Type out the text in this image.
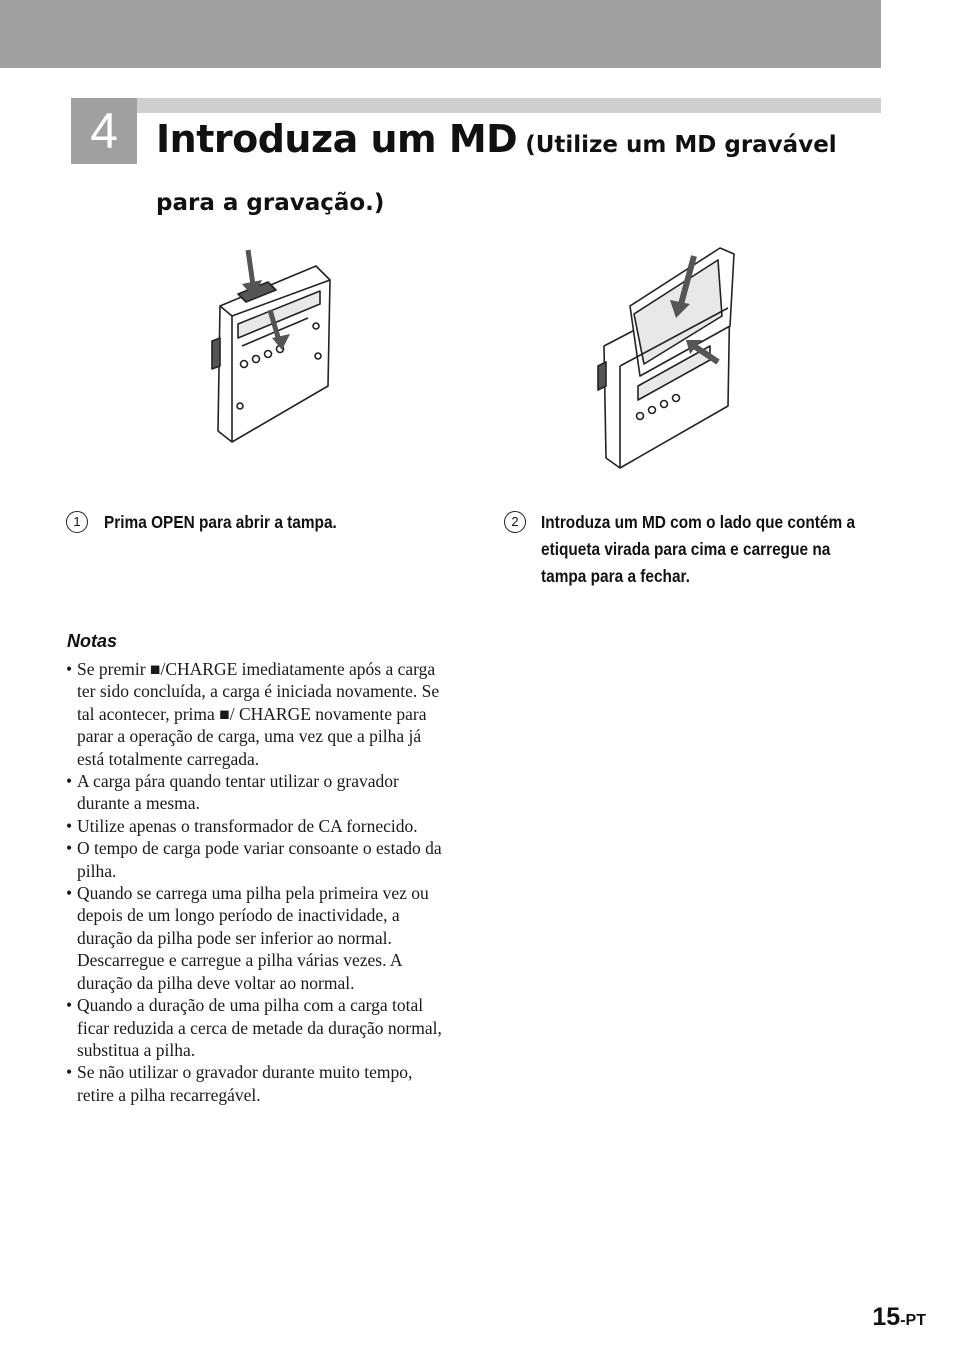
4	Introduza um MD (Utilize um MD gravável para a gravação.)
1	Prima OPEN para abrir a tampa.	2	Introduza um MD com o lado que contém a etiqueta virada para cima e carregue na tampa para a fechar.
Notas
• Se premir ■/CHARGE imediatamente após a carga ter sido concluída, a carga é iniciada novamente. Se tal acontecer, prima ■/ CHARGE novamente para parar a operação de carga, uma vez que a pilha já está totalmente carregada.
• A carga pára quando tentar utilizar o gravador durante a mesma.
• Utilize apenas o transformador de CA fornecido.
• O tempo de carga pode variar consoante o estado da pilha.
• Quando se carrega uma pilha pela primeira vez ou depois de um longo período de inactividade, a duração da pilha pode ser inferior ao normal. Descarregue e carregue a pilha várias vezes. A duração da pilha deve voltar ao normal.
• Quando a duração de uma pilha com a carga total ficar reduzida a cerca de metade da duração normal, substitua a pilha.
• Se não utilizar o gravador durante muito tempo, retire a pilha recarregável.
15-PT
